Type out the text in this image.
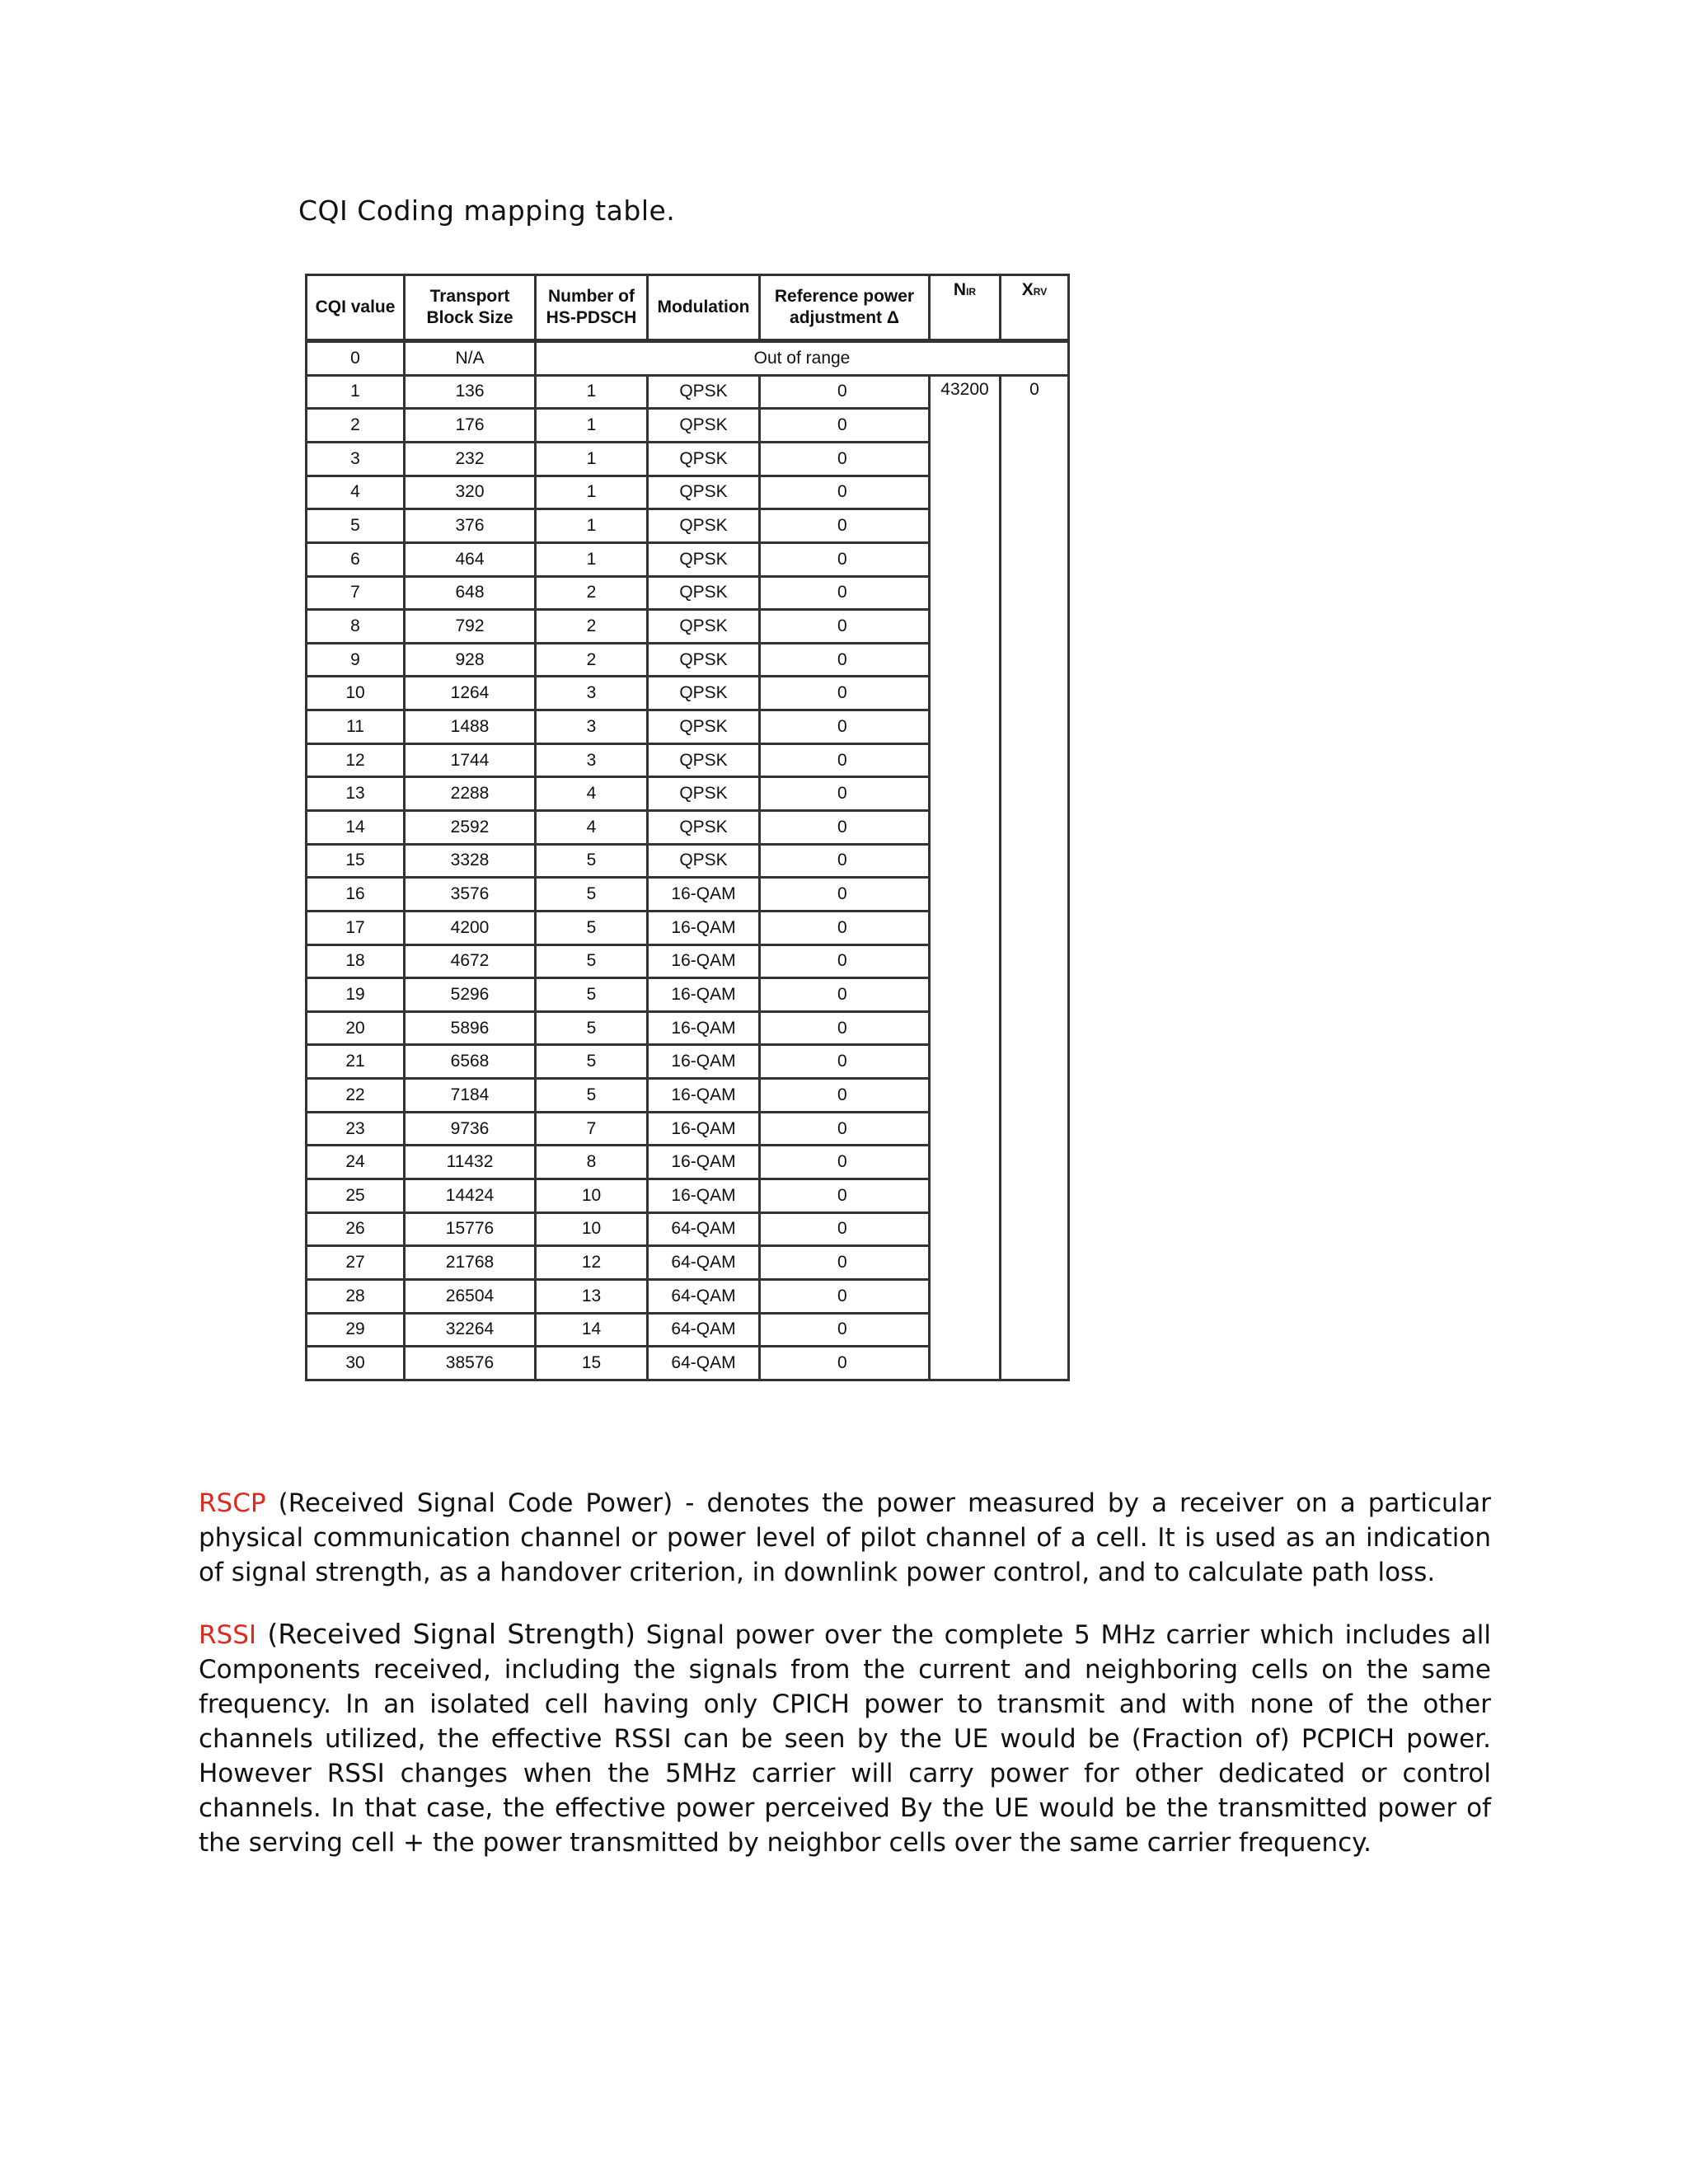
CQI Coding mapping table.
CQI value	Transport Block Size	Number of HS-PDSCH	Modulation	Reference power adjustment Δ	NIR	XRV
0	N/A	Out of range				
1	136	1	QPSK	0	43200	0
2	176	1	QPSK	0		
3	232	1	QPSK	0		
4	320	1	QPSK	0		
5	376	1	QPSK	0		
6	464	1	QPSK	0		
7	648	2	QPSK	0		
8	792	2	QPSK	0		
9	928	2	QPSK	0		
10	1264	3	QPSK	0		
11	1488	3	QPSK	0		
12	1744	3	QPSK	0		
13	2288	4	QPSK	0		
14	2592	4	QPSK	0		
15	3328	5	QPSK	0		
16	3576	5	16-QAM	0		
17	4200	5	16-QAM	0		
18	4672	5	16-QAM	0		
19	5296	5	16-QAM	0		
20	5896	5	16-QAM	0		
21	6568	5	16-QAM	0		
22	7184	5	16-QAM	0		
23	9736	7	16-QAM	0		
24	11432	8	16-QAM	0		
25	14424	10	16-QAM	0		
26	15776	10	64-QAM	0		
27	21768	12	64-QAM	0		
28	26504	13	64-QAM	0		
29	32264	14	64-QAM	0		
30	38576	15	64-QAM	0		
RSCP (Received Signal Code Power) - denotes the power measured by a receiver on a particular physical communication channel or power level of pilot channel of a cell. It is used as an indication of signal strength, as a handover criterion, in downlink power control, and to calculate path loss.
RSSI (Received Signal Strength) Signal power over the complete 5 MHz carrier which includes all Components received, including the signals from the current and neighboring cells on the same frequency. In an isolated cell having only CPICH power to transmit and with none of the other channels utilized, the effective RSSI can be seen by the UE would be (Fraction of) PCPICH power. However RSSI changes when the 5MHz carrier will carry power for other dedicated or control channels. In that case, the effective power perceived By the UE would be the transmitted power of the serving cell + the power transmitted by neighbor cells over the same carrier frequency.
